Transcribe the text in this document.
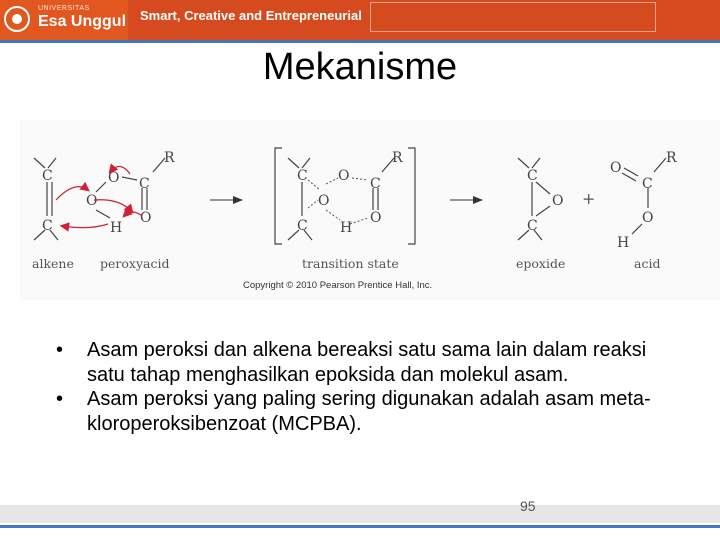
UNIVERSITAS
Esa Unggul Smart, Creative and Entrepreneurial
Mekanisme
C
C
R
O C
O
O
H
alkene peroxyacid
R
C
C
O C
O
O
H
transition state
C
C
O
epoxide
+
O
R
C
O
H
acid
Copyright © 2010 Pearson Prentice Hall, Inc.
• Asam peroksi dan alkena bereaksi satu sama lain dalam reaksi satu tahap menghasilkan epoksida dan molekul asam.
• Asam peroksi yang paling sering digunakan adalah asam meta-kloroperoksibenzoat (MCPBA).
95
